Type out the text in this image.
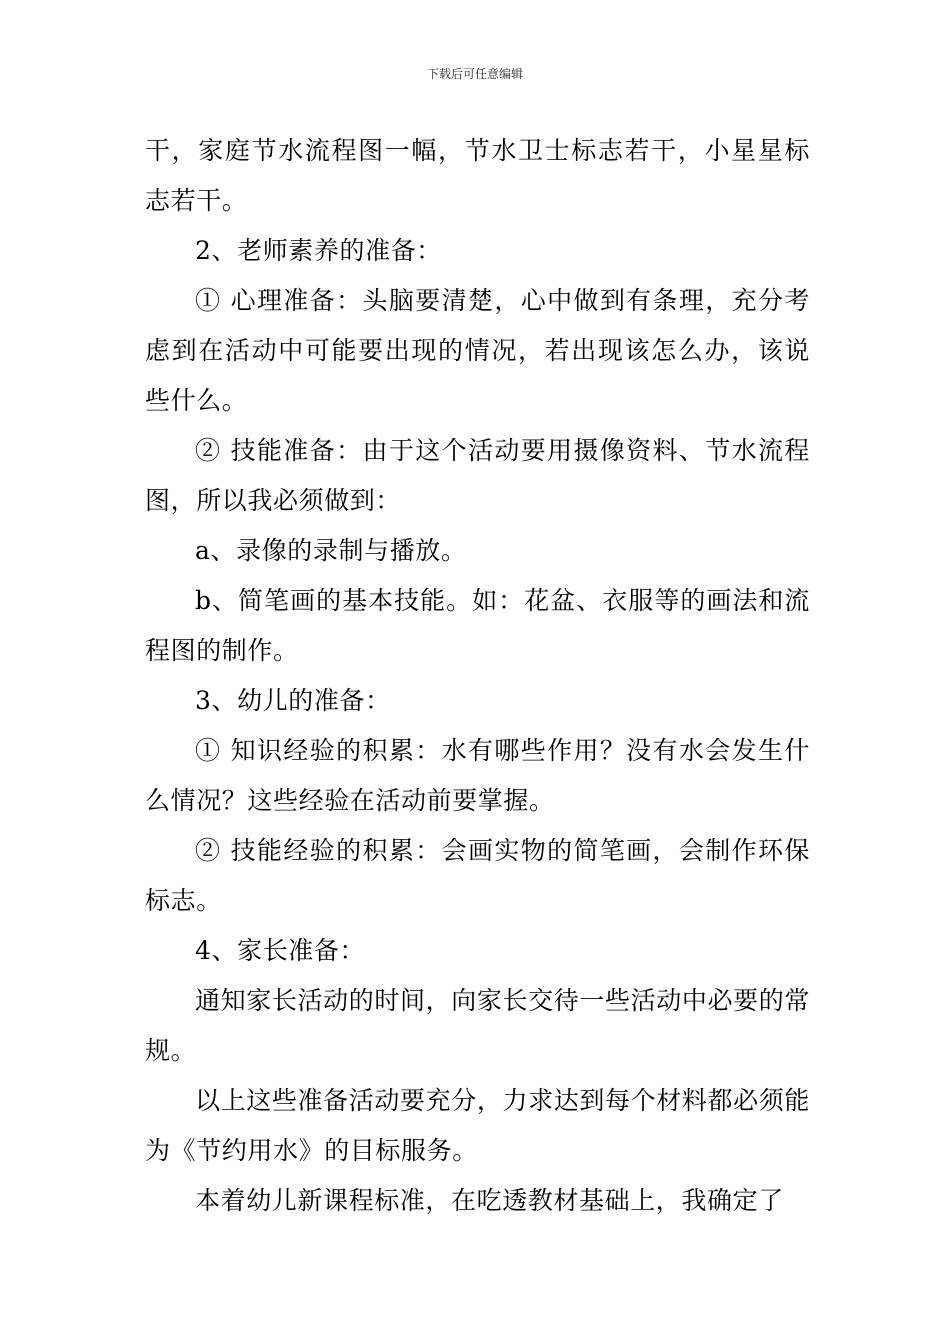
下载后可任意编辑

干，家庭节水流程图一幅，节水卫士标志若干，小星星标志若干。

2、老师素养的准备：

① 心理准备：头脑要清楚，心中做到有条理，充分考虑到在活动中可能要出现的情况，若出现该怎么办，该说些什么。

② 技能准备：由于这个活动要用摄像资料、节水流程图，所以我必须做到：

a、录像的录制与播放。

b、简笔画的基本技能。如：花盆、衣服等的画法和流程图的制作。

3、幼儿的准备：

① 知识经验的积累：水有哪些作用？没有水会发生什么情况？这些经验在活动前要掌握。

② 技能经验的积累：会画实物的简笔画，会制作环保标志。

4、家长准备：

通知家长活动的时间，向家长交待一些活动中必要的常规。

以上这些准备活动要充分，力求达到每个材料都必须能为《节约用水》的目标服务。

本着幼儿新课程标准，在吃透教材基础上，我确定了
